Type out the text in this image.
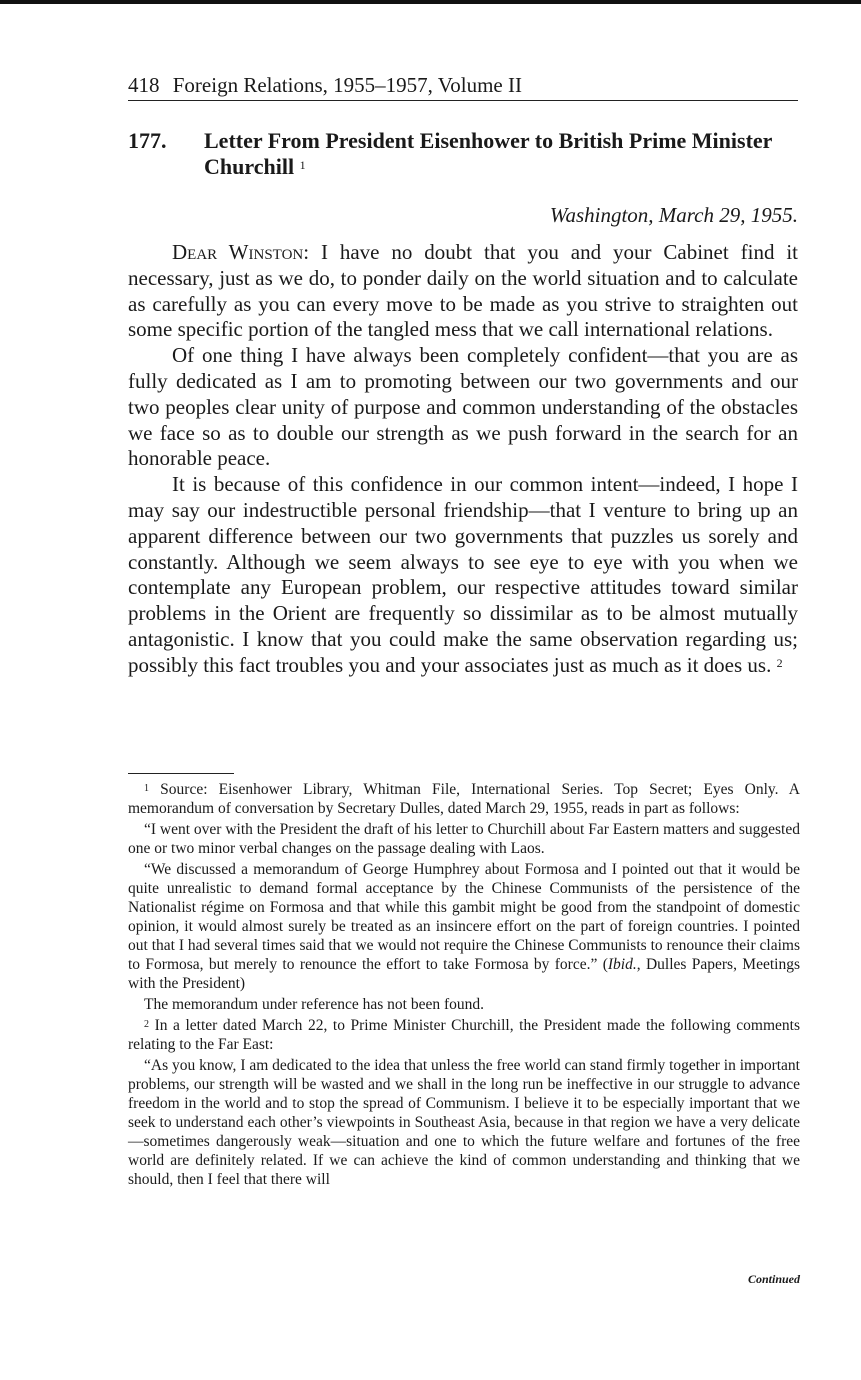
418 Foreign Relations, 1955–1957, Volume II
177.	Letter From President Eisenhower to British Prime Minister Churchill $^1$
Washington, March 29, 1955.

Dear Winston: I have no doubt that you and your Cabinet find it necessary, just as we do, to ponder daily on the world situation and to calculate as carefully as you can every move to be made as you strive to straighten out some specific portion of the tangled mess that we call international relations.

Of one thing I have always been completely confident—that you are as fully dedicated as I am to promoting between our two governments and our two peoples clear unity of purpose and common understanding of the obstacles we face so as to double our strength as we push forward in the search for an honorable peace.

It is because of this confidence in our common intent—indeed, I hope I may say our indestructible personal friendship—that I venture to bring up an apparent difference between our two governments that puzzles us sorely and constantly. Although we seem always to see eye to eye with you when we contemplate any European problem, our respective attitudes toward similar problems in the Orient are frequently so dissimilar as to be almost mutually antagonistic. I know that you could make the same observation regarding us; possibly this fact troubles you and your associates just as much as it does us. $^2$

$^1$ Source: Eisenhower Library, Whitman File, International Series. Top Secret; Eyes Only. A memorandum of conversation by Secretary Dulles, dated March 29, 1955, reads in part as follows:

“I went over with the President the draft of his letter to Churchill about Far Eastern matters and suggested one or two minor verbal changes on the passage dealing with Laos.

“We discussed a memorandum of George Humphrey about Formosa and I pointed out that it would be quite unrealistic to demand formal acceptance by the Chinese Communists of the persistence of the Nationalist régime on Formosa and that while this gambit might be good from the standpoint of domestic opinion, it would almost surely be treated as an insincere effort on the part of foreign countries. I pointed out that I had several times said that we would not require the Chinese Communists to renounce their claims to Formosa, but merely to renounce the effort to take Formosa by force.” (Ibid., Dulles Papers, Meetings with the President)

The memorandum under reference has not been found.

$^2$ In a letter dated March 22, to Prime Minister Churchill, the President made the following comments relating to the Far East:

“As you know, I am dedicated to the idea that unless the free world can stand firmly together in important problems, our strength will be wasted and we shall in the long run be ineffective in our struggle to advance freedom in the world and to stop the spread of Communism. I believe it to be especially important that we seek to understand each other’s viewpoints in Southeast Asia, because in that region we have a very delicate—sometimes dangerously weak—situation and one to which the future welfare and fortunes of the free world are definitely related. If we can achieve the kind of common understanding and thinking that we should, then I feel that there will

Continued
